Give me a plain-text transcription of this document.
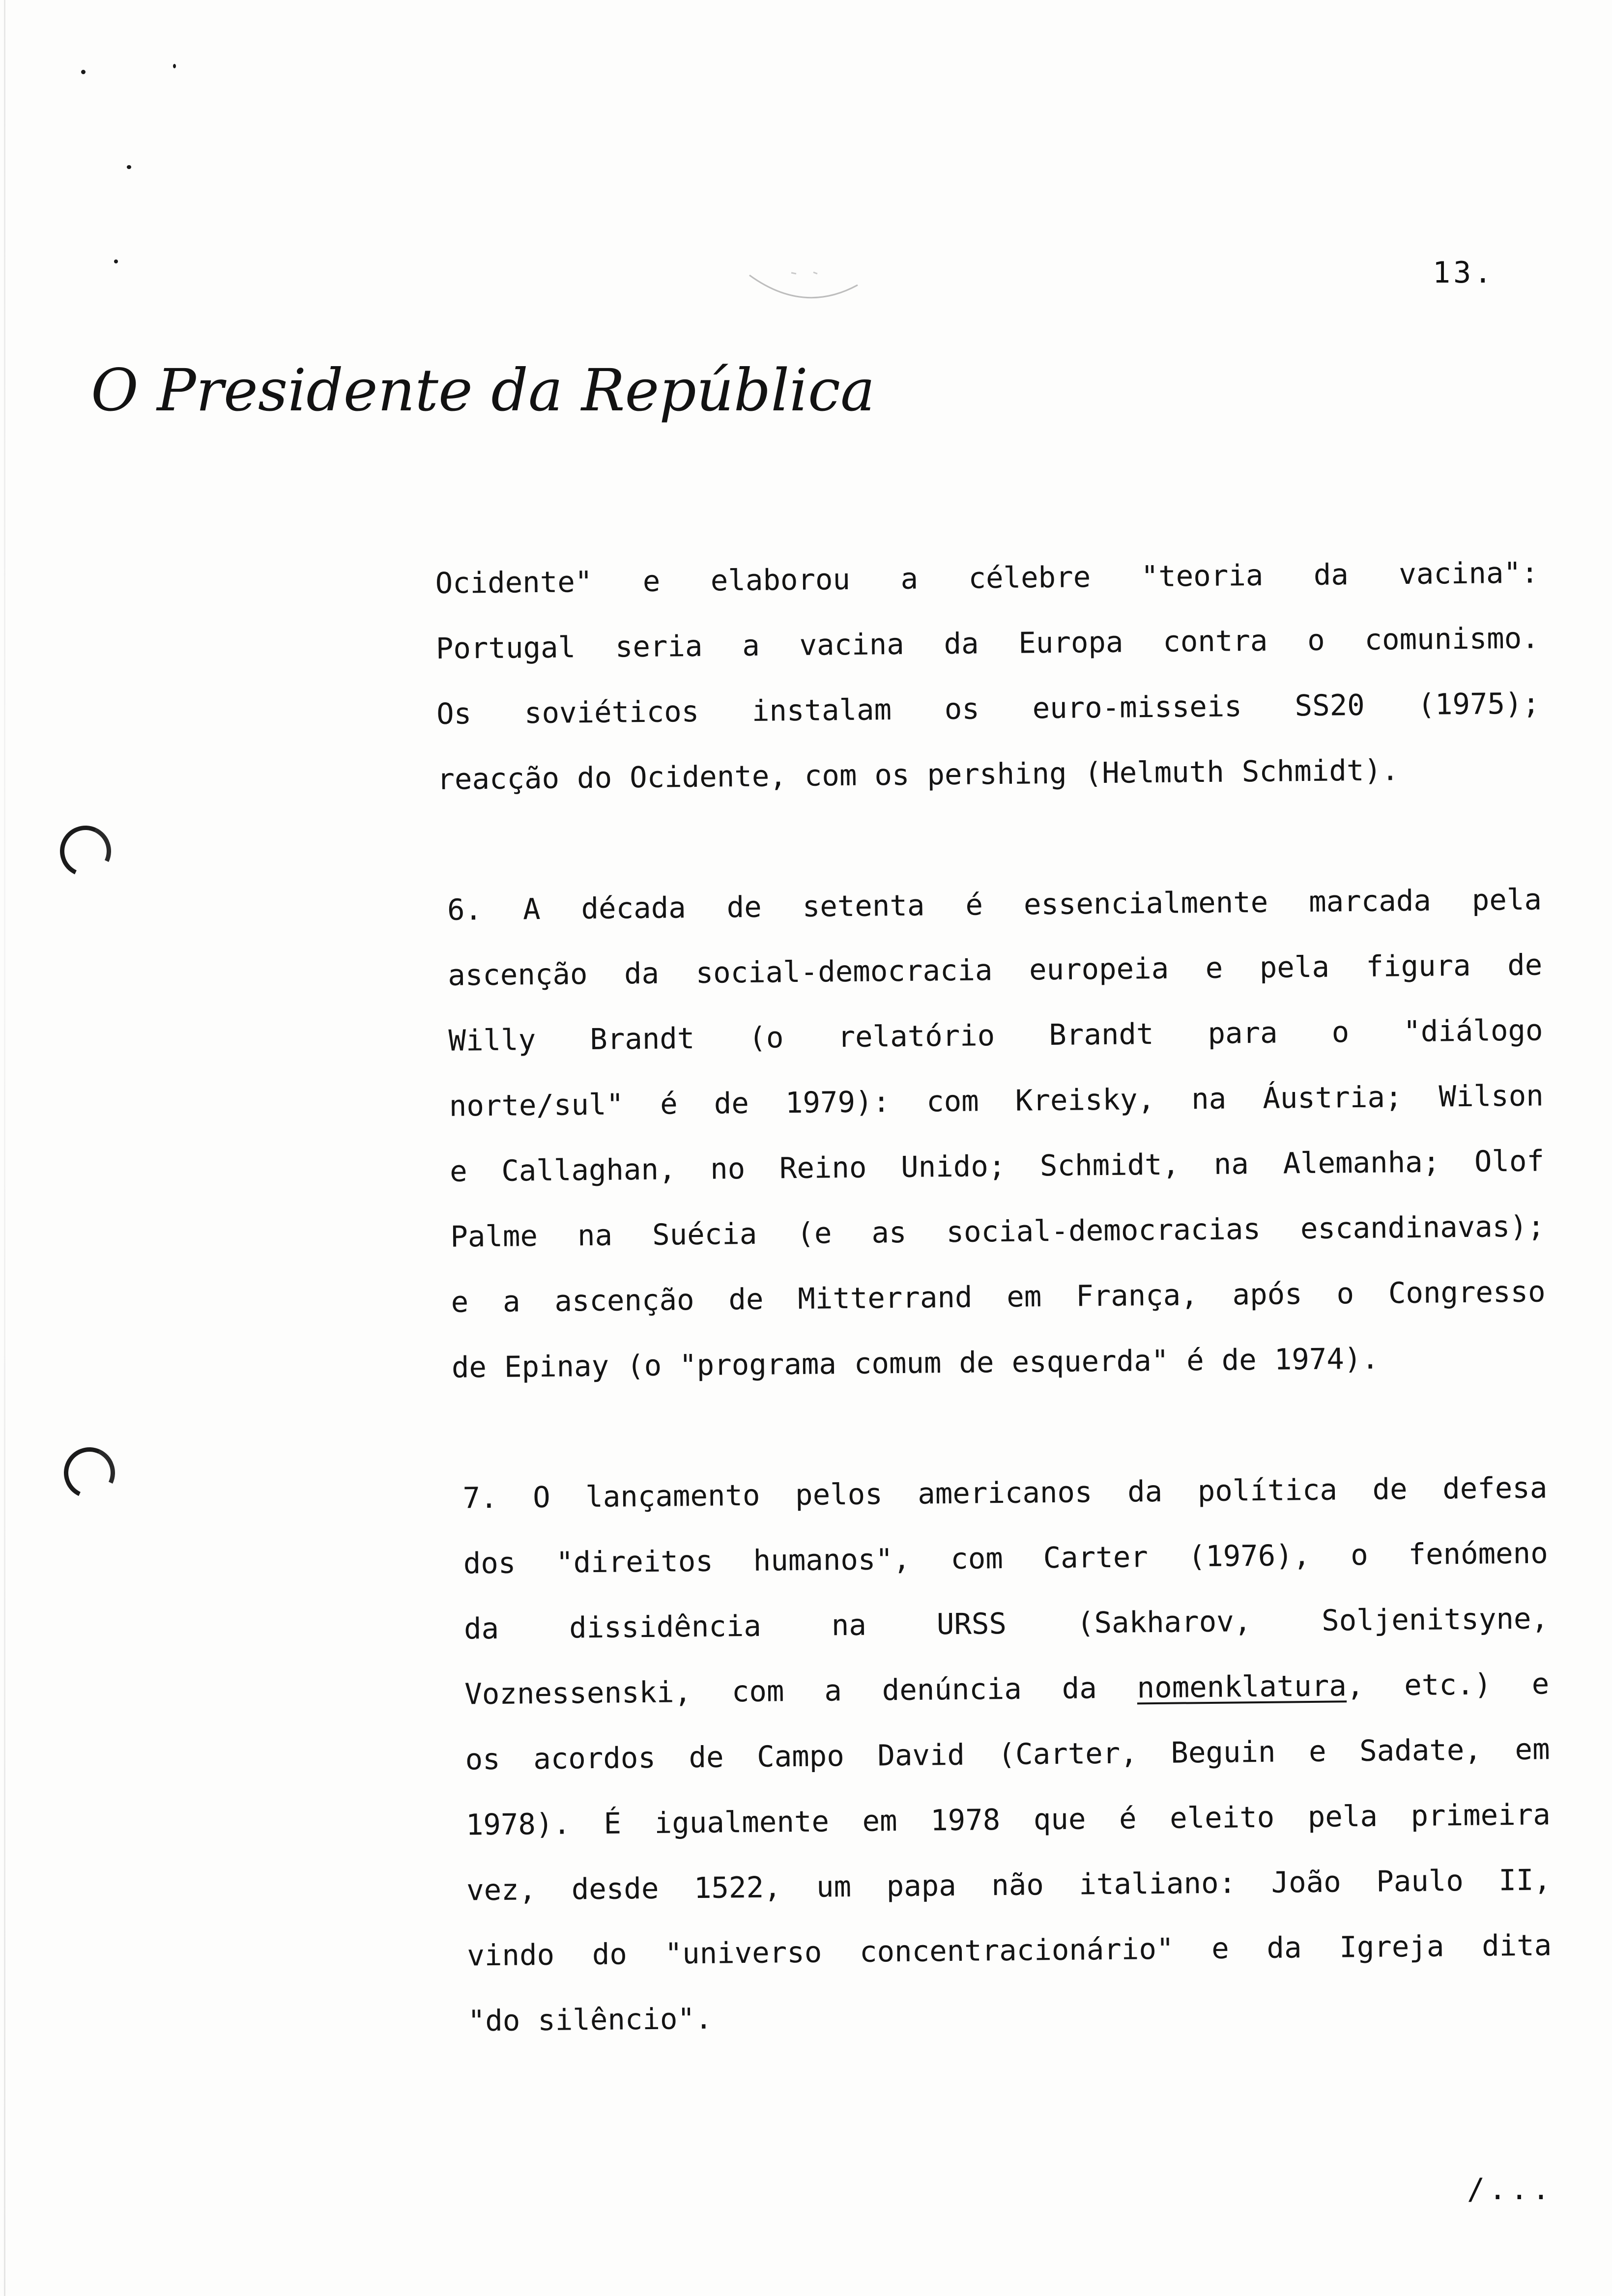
13.
O Presidente da República
Ocidente" e elaborou a célebre "teoria da vacina":
Portugal seria a vacina da Europa contra o comunismo.
Os soviéticos instalam os euro-misseis SS20 (1975);
reacção do Ocidente, com os pershing (Helmuth Schmidt).
6. A década de setenta é essencialmente marcada pela
ascenção da social-democracia europeia e pela figura de
Willy Brandt (o relatório Brandt para o "diálogo
norte/sul" é de 1979): com Kreisky, na Áustria; Wilson
e Callaghan, no Reino Unido; Schmidt, na Alemanha; Olof
Palme na Suécia (e as social-democracias escandinavas);
e a ascenção de Mitterrand em França, após o Congresso
de Epinay (o "programa comum de esquerda" é de 1974).
7. O lançamento pelos americanos da política de defesa
dos "direitos humanos", com Carter (1976), o fenómeno
da dissidência na URSS (Sakharov, Soljenitsyne,
Voznessenski, com a denúncia da nomenklatura, etc.) e
os acordos de Campo David (Carter, Beguin e Sadate, em
1978). É igualmente em 1978 que é eleito pela primeira
vez, desde 1522, um papa não italiano: João Paulo II,
vindo do "universo concentracionário" e da Igreja dita
"do silêncio".
/...
